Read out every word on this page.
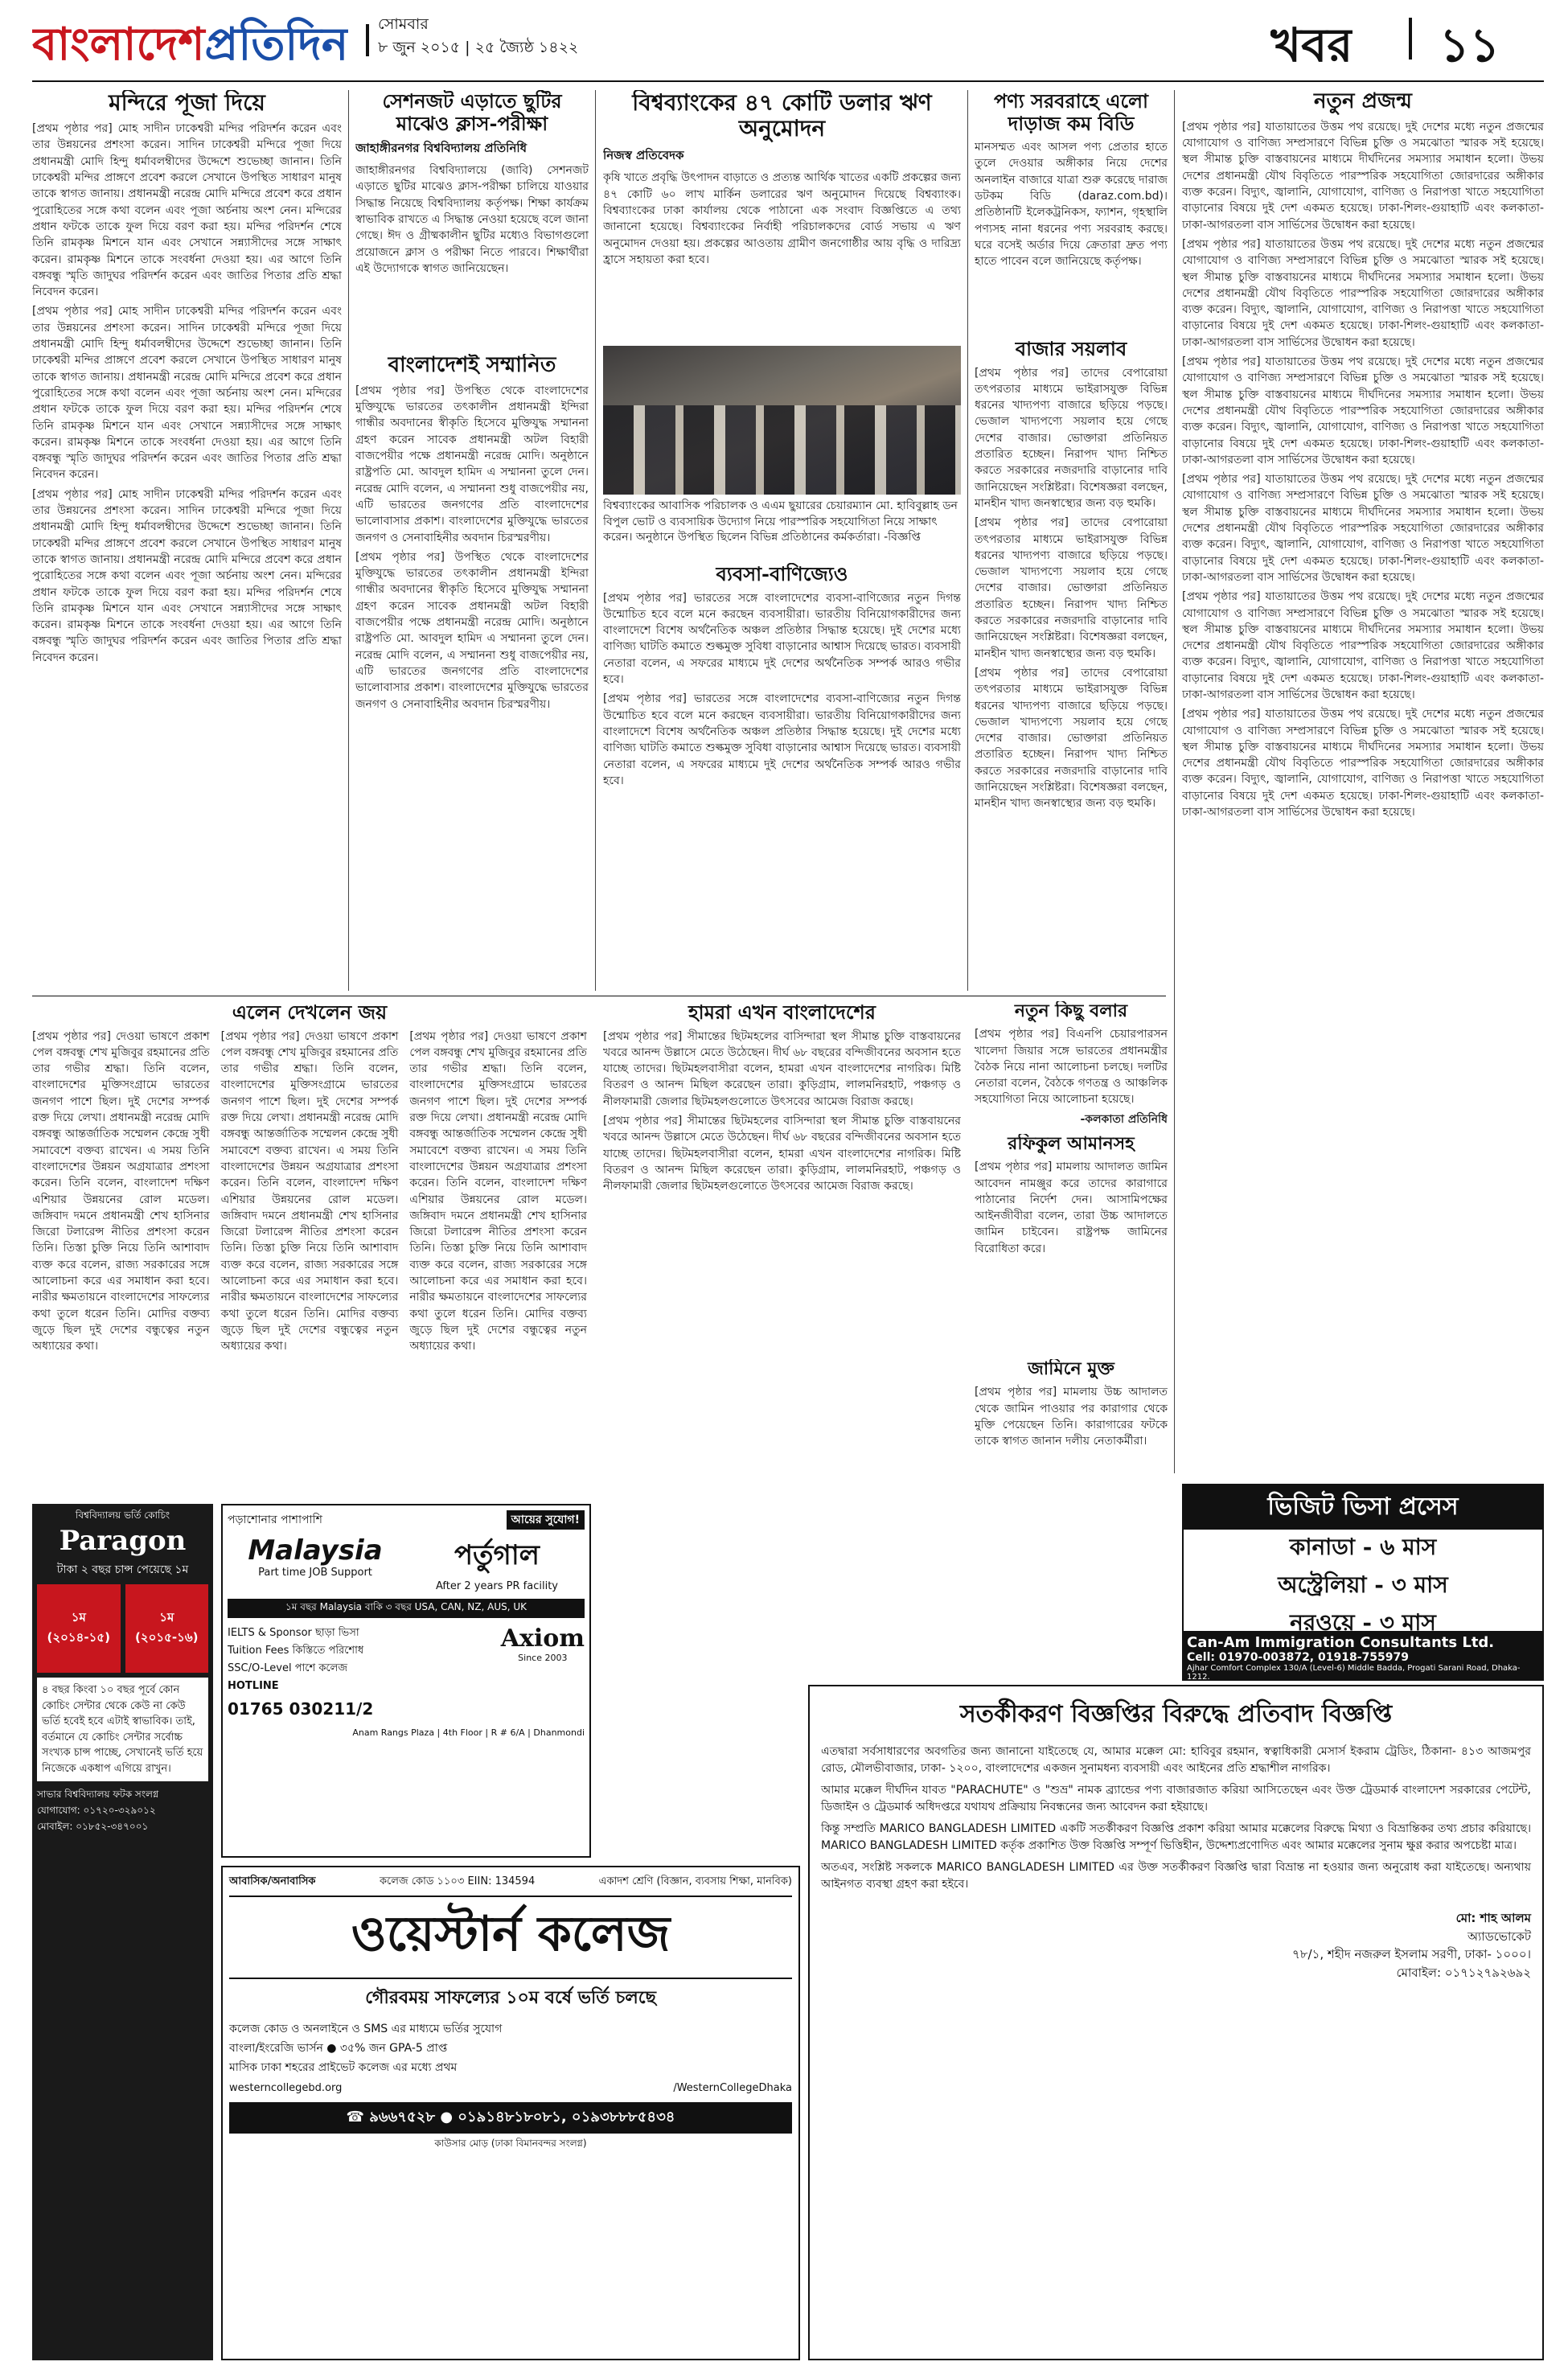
বাংলাদেশপ্রতিদিন সোমবার
৮ জুন ২০১৫ | ২৫ জ্যৈষ্ঠ ১৪২২	খবর ১১
মন্দিরে পূজা দিয়ে

[প্রথম পৃষ্ঠার পর] মোহ সাদীন ঢাকেশ্বরী মন্দির পরিদর্শন করেন এবং তার উন্নয়নের প্রশংসা করেন। সাদিন ঢাকেশ্বরী মন্দিরে পূজা দিয়ে প্রধানমন্ত্রী মোদি হিন্দু ধর্মাবলম্বীদের উদ্দেশে শুভেচ্ছা জানান। তিনি ঢাকেশ্বরী মন্দির প্রাঙ্গণে প্রবেশ করলে সেখানে উপস্থিত সাধারণ মানুষ তাকে স্বাগত জানায়। প্রধানমন্ত্রী নরেন্দ্র মোদি মন্দিরে প্রবেশ করে প্রধান পুরোহিতের সঙ্গে কথা বলেন এবং পূজা অর্চনায় অংশ নেন। মন্দিরের প্রধান ফটকে তাকে ফুল দিয়ে বরণ করা হয়। মন্দির পরিদর্শন শেষে তিনি রামকৃষ্ণ মিশনে যান এবং সেখানে সন্ন্যাসীদের সঙ্গে সাক্ষাৎ করেন। রামকৃষ্ণ মিশনে তাকে সংবর্ধনা দেওয়া হয়। এর আগে তিনি বঙ্গবন্ধু স্মৃতি জাদুঘর পরিদর্শন করেন এবং জাতির পিতার প্রতি শ্রদ্ধা নিবেদন করেন।

[প্রথম পৃষ্ঠার পর] মোহ সাদীন ঢাকেশ্বরী মন্দির পরিদর্শন করেন এবং তার উন্নয়নের প্রশংসা করেন। সাদিন ঢাকেশ্বরী মন্দিরে পূজা দিয়ে প্রধানমন্ত্রী মোদি হিন্দু ধর্মাবলম্বীদের উদ্দেশে শুভেচ্ছা জানান। তিনি ঢাকেশ্বরী মন্দির প্রাঙ্গণে প্রবেশ করলে সেখানে উপস্থিত সাধারণ মানুষ তাকে স্বাগত জানায়। প্রধানমন্ত্রী নরেন্দ্র মোদি মন্দিরে প্রবেশ করে প্রধান পুরোহিতের সঙ্গে কথা বলেন এবং পূজা অর্চনায় অংশ নেন। মন্দিরের প্রধান ফটকে তাকে ফুল দিয়ে বরণ করা হয়। মন্দির পরিদর্শন শেষে তিনি রামকৃষ্ণ মিশনে যান এবং সেখানে সন্ন্যাসীদের সঙ্গে সাক্ষাৎ করেন। রামকৃষ্ণ মিশনে তাকে সংবর্ধনা দেওয়া হয়। এর আগে তিনি বঙ্গবন্ধু স্মৃতি জাদুঘর পরিদর্শন করেন এবং জাতির পিতার প্রতি শ্রদ্ধা নিবেদন করেন।

[প্রথম পৃষ্ঠার পর] মোহ সাদীন ঢাকেশ্বরী মন্দির পরিদর্শন করেন এবং তার উন্নয়নের প্রশংসা করেন। সাদিন ঢাকেশ্বরী মন্দিরে পূজা দিয়ে প্রধানমন্ত্রী মোদি হিন্দু ধর্মাবলম্বীদের উদ্দেশে শুভেচ্ছা জানান। তিনি ঢাকেশ্বরী মন্দির প্রাঙ্গণে প্রবেশ করলে সেখানে উপস্থিত সাধারণ মানুষ তাকে স্বাগত জানায়। প্রধানমন্ত্রী নরেন্দ্র মোদি মন্দিরে প্রবেশ করে প্রধান পুরোহিতের সঙ্গে কথা বলেন এবং পূজা অর্চনায় অংশ নেন। মন্দিরের প্রধান ফটকে তাকে ফুল দিয়ে বরণ করা হয়। মন্দির পরিদর্শন শেষে তিনি রামকৃষ্ণ মিশনে যান এবং সেখানে সন্ন্যাসীদের সঙ্গে সাক্ষাৎ করেন। রামকৃষ্ণ মিশনে তাকে সংবর্ধনা দেওয়া হয়। এর আগে তিনি বঙ্গবন্ধু স্মৃতি জাদুঘর পরিদর্শন করেন এবং জাতির পিতার প্রতি শ্রদ্ধা নিবেদন করেন।

সেশনজট এড়াতে ছুটির মাঝেও ক্লাস-পরীক্ষা
জাহাঙ্গীরনগর বিশ্ববিদ্যালয় প্রতিনিধি

জাহাঙ্গীরনগর বিশ্ববিদ্যালয়ে (জাবি) সেশনজট এড়াতে ছুটির মাঝেও ক্লাস-পরীক্ষা চালিয়ে যাওয়ার সিদ্ধান্ত নিয়েছে বিশ্ববিদ্যালয় কর্তৃপক্ষ। শিক্ষা কার্যক্রম স্বাভাবিক রাখতে এ সিদ্ধান্ত নেওয়া হয়েছে বলে জানা গেছে। ঈদ ও গ্রীষ্মকালীন ছুটির মধ্যেও বিভাগগুলো প্রয়োজনে ক্লাস ও পরীক্ষা নিতে পারবে। শিক্ষার্থীরা এই উদ্যোগকে স্বাগত জানিয়েছেন।

বাংলাদেশই সম্মানিত

[প্রথম পৃষ্ঠার পর] উপস্থিত থেকে বাংলাদেশের মুক্তিযুদ্ধে ভারতের তৎকালীন প্রধানমন্ত্রী ইন্দিরা গান্ধীর অবদানের স্বীকৃতি হিসেবে মুক্তিযুদ্ধ সম্মাননা গ্রহণ করেন সাবেক প্রধানমন্ত্রী অটল বিহারী বাজপেয়ীর পক্ষে প্রধানমন্ত্রী নরেন্দ্র মোদি। অনুষ্ঠানে রাষ্ট্রপতি মো. আবদুল হামিদ এ সম্মাননা তুলে দেন। নরেন্দ্র মোদি বলেন, এ সম্মাননা শুধু বাজপেয়ীর নয়, এটি ভারতের জনগণের প্রতি বাংলাদেশের ভালোবাসার প্রকাশ। বাংলাদেশের মুক্তিযুদ্ধে ভারতের জনগণ ও সেনাবাহিনীর অবদান চিরস্মরণীয়।

[প্রথম পৃষ্ঠার পর] উপস্থিত থেকে বাংলাদেশের মুক্তিযুদ্ধে ভারতের তৎকালীন প্রধানমন্ত্রী ইন্দিরা গান্ধীর অবদানের স্বীকৃতি হিসেবে মুক্তিযুদ্ধ সম্মাননা গ্রহণ করেন সাবেক প্রধানমন্ত্রী অটল বিহারী বাজপেয়ীর পক্ষে প্রধানমন্ত্রী নরেন্দ্র মোদি। অনুষ্ঠানে রাষ্ট্রপতি মো. আবদুল হামিদ এ সম্মাননা তুলে দেন। নরেন্দ্র মোদি বলেন, এ সম্মাননা শুধু বাজপেয়ীর নয়, এটি ভারতের জনগণের প্রতি বাংলাদেশের ভালোবাসার প্রকাশ। বাংলাদেশের মুক্তিযুদ্ধে ভারতের জনগণ ও সেনাবাহিনীর অবদান চিরস্মরণীয়।

বিশ্বব্যাংকের ৪৭ কোটি ডলার ঋণ অনুমোদন
নিজস্ব প্রতিবেদক

কৃষি খাতে প্রবৃদ্ধি উৎপাদন বাড়াতে ও প্রত্যন্ত আর্থিক খাতের একটি প্রকল্পের জন্য ৪৭ কোটি ৬০ লাখ মার্কিন ডলারের ঋণ অনুমোদন দিয়েছে বিশ্বব্যাংক। বিশ্বব্যাংকের ঢাকা কার্যালয় থেকে পাঠানো এক সংবাদ বিজ্ঞপ্তিতে এ তথ্য জানানো হয়েছে। বিশ্বব্যাংকের নির্বাহী পরিচালকদের বোর্ড সভায় এ ঋণ অনুমোদন দেওয়া হয়। প্রকল্পের আওতায় গ্রামীণ জনগোষ্ঠীর আয় বৃদ্ধি ও দারিদ্র্য হ্রাসে সহায়তা করা হবে।

বিশ্বব্যাংকের আবাসিক পরিচালক ও এএম ছুয়ারের চেয়ারম্যান মো. হাবিবুল্লাহ ডন বিপুল ভোট ও ব্যবসায়িক উদ্যোগ নিয়ে পারস্পরিক সহযোগিতা নিয়ে সাক্ষাৎ করেন। অনুষ্ঠানে উপস্থিত ছিলেন বিভিন্ন প্রতিষ্ঠানের কর্মকর্তারা। -বিজ্ঞপ্তি
ব্যবসা-বাণিজ্যেও

[প্রথম পৃষ্ঠার পর] ভারতের সঙ্গে বাংলাদেশের ব্যবসা-বাণিজ্যের নতুন দিগন্ত উন্মোচিত হবে বলে মনে করছেন ব্যবসায়ীরা। ভারতীয় বিনিয়োগকারীদের জন্য বাংলাদেশে বিশেষ অর্থনৈতিক অঞ্চল প্রতিষ্ঠার সিদ্ধান্ত হয়েছে। দুই দেশের মধ্যে বাণিজ্য ঘাটতি কমাতে শুল্কমুক্ত সুবিধা বাড়ানোর আশ্বাস দিয়েছে ভারত। ব্যবসায়ী নেতারা বলেন, এ সফরের মাধ্যমে দুই দেশের অর্থনৈতিক সম্পর্ক আরও গভীর হবে।

[প্রথম পৃষ্ঠার পর] ভারতের সঙ্গে বাংলাদেশের ব্যবসা-বাণিজ্যের নতুন দিগন্ত উন্মোচিত হবে বলে মনে করছেন ব্যবসায়ীরা। ভারতীয় বিনিয়োগকারীদের জন্য বাংলাদেশে বিশেষ অর্থনৈতিক অঞ্চল প্রতিষ্ঠার সিদ্ধান্ত হয়েছে। দুই দেশের মধ্যে বাণিজ্য ঘাটতি কমাতে শুল্কমুক্ত সুবিধা বাড়ানোর আশ্বাস দিয়েছে ভারত। ব্যবসায়ী নেতারা বলেন, এ সফরের মাধ্যমে দুই দেশের অর্থনৈতিক সম্পর্ক আরও গভীর হবে।

পণ্য সরবরাহে এলো দাড়াজ কম বিডি

মানসম্মত এবং আসল পণ্য প্রেতার হাতে তুলে দেওয়ার অঙ্গীকার নিয়ে দেশের অনলাইন বাজারে যাত্রা শুরু করেছে দারাজ ডটকম বিডি (daraz.com.bd)। প্রতিষ্ঠানটি ইলেকট্রনিকস, ফ্যাশন, গৃহস্থালি পণ্যসহ নানা ধরনের পণ্য সরবরাহ করছে। ঘরে বসেই অর্ডার দিয়ে ক্রেতারা দ্রুত পণ্য হাতে পাবেন বলে জানিয়েছে কর্তৃপক্ষ।

বাজার সয়লাব

[প্রথম পৃষ্ঠার পর] তাদের বেপারোয়া তৎপরতার মাধ্যমে ভাইরাসযুক্ত বিভিন্ন ধরনের খাদ্যপণ্য বাজারে ছড়িয়ে পড়ছে। ভেজাল খাদ্যপণ্যে সয়লাব হয়ে গেছে দেশের বাজার। ভোক্তারা প্রতিনিয়ত প্রতারিত হচ্ছেন। নিরাপদ খাদ্য নিশ্চিত করতে সরকারের নজরদারি বাড়ানোর দাবি জানিয়েছেন সংশ্লিষ্টরা। বিশেষজ্ঞরা বলছেন, মানহীন খাদ্য জনস্বাস্থ্যের জন্য বড় হুমকি।

[প্রথম পৃষ্ঠার পর] তাদের বেপারোয়া তৎপরতার মাধ্যমে ভাইরাসযুক্ত বিভিন্ন ধরনের খাদ্যপণ্য বাজারে ছড়িয়ে পড়ছে। ভেজাল খাদ্যপণ্যে সয়লাব হয়ে গেছে দেশের বাজার। ভোক্তারা প্রতিনিয়ত প্রতারিত হচ্ছেন। নিরাপদ খাদ্য নিশ্চিত করতে সরকারের নজরদারি বাড়ানোর দাবি জানিয়েছেন সংশ্লিষ্টরা। বিশেষজ্ঞরা বলছেন, মানহীন খাদ্য জনস্বাস্থ্যের জন্য বড় হুমকি।

[প্রথম পৃষ্ঠার পর] তাদের বেপারোয়া তৎপরতার মাধ্যমে ভাইরাসযুক্ত বিভিন্ন ধরনের খাদ্যপণ্য বাজারে ছড়িয়ে পড়ছে। ভেজাল খাদ্যপণ্যে সয়লাব হয়ে গেছে দেশের বাজার। ভোক্তারা প্রতিনিয়ত প্রতারিত হচ্ছেন। নিরাপদ খাদ্য নিশ্চিত করতে সরকারের নজরদারি বাড়ানোর দাবি জানিয়েছেন সংশ্লিষ্টরা। বিশেষজ্ঞরা বলছেন, মানহীন খাদ্য জনস্বাস্থ্যের জন্য বড় হুমকি।

নতুন প্রজন্ম

[প্রথম পৃষ্ঠার পর] যাতায়াতের উত্তম পথ রয়েছে। দুই দেশের মধ্যে নতুন প্রজন্মের যোগাযোগ ও বাণিজ্য সম্প্রসারণে বিভিন্ন চুক্তি ও সমঝোতা স্মারক সই হয়েছে। স্থল সীমান্ত চুক্তি বাস্তবায়নের মাধ্যমে দীর্ঘদিনের সমস্যার সমাধান হলো। উভয় দেশের প্রধানমন্ত্রী যৌথ বিবৃতিতে পারস্পরিক সহযোগিতা জোরদারের অঙ্গীকার ব্যক্ত করেন। বিদ্যুৎ, জ্বালানি, যোগাযোগ, বাণিজ্য ও নিরাপত্তা খাতে সহযোগিতা বাড়ানোর বিষয়ে দুই দেশ একমত হয়েছে। ঢাকা-শিলং-গুয়াহাটি এবং কলকাতা-ঢাকা-আগরতলা বাস সার্ভিসের উদ্বোধন করা হয়েছে।

[প্রথম পৃষ্ঠার পর] যাতায়াতের উত্তম পথ রয়েছে। দুই দেশের মধ্যে নতুন প্রজন্মের যোগাযোগ ও বাণিজ্য সম্প্রসারণে বিভিন্ন চুক্তি ও সমঝোতা স্মারক সই হয়েছে। স্থল সীমান্ত চুক্তি বাস্তবায়নের মাধ্যমে দীর্ঘদিনের সমস্যার সমাধান হলো। উভয় দেশের প্রধানমন্ত্রী যৌথ বিবৃতিতে পারস্পরিক সহযোগিতা জোরদারের অঙ্গীকার ব্যক্ত করেন। বিদ্যুৎ, জ্বালানি, যোগাযোগ, বাণিজ্য ও নিরাপত্তা খাতে সহযোগিতা বাড়ানোর বিষয়ে দুই দেশ একমত হয়েছে। ঢাকা-শিলং-গুয়াহাটি এবং কলকাতা-ঢাকা-আগরতলা বাস সার্ভিসের উদ্বোধন করা হয়েছে।

[প্রথম পৃষ্ঠার পর] যাতায়াতের উত্তম পথ রয়েছে। দুই দেশের মধ্যে নতুন প্রজন্মের যোগাযোগ ও বাণিজ্য সম্প্রসারণে বিভিন্ন চুক্তি ও সমঝোতা স্মারক সই হয়েছে। স্থল সীমান্ত চুক্তি বাস্তবায়নের মাধ্যমে দীর্ঘদিনের সমস্যার সমাধান হলো। উভয় দেশের প্রধানমন্ত্রী যৌথ বিবৃতিতে পারস্পরিক সহযোগিতা জোরদারের অঙ্গীকার ব্যক্ত করেন। বিদ্যুৎ, জ্বালানি, যোগাযোগ, বাণিজ্য ও নিরাপত্তা খাতে সহযোগিতা বাড়ানোর বিষয়ে দুই দেশ একমত হয়েছে। ঢাকা-শিলং-গুয়াহাটি এবং কলকাতা-ঢাকা-আগরতলা বাস সার্ভিসের উদ্বোধন করা হয়েছে।

[প্রথম পৃষ্ঠার পর] যাতায়াতের উত্তম পথ রয়েছে। দুই দেশের মধ্যে নতুন প্রজন্মের যোগাযোগ ও বাণিজ্য সম্প্রসারণে বিভিন্ন চুক্তি ও সমঝোতা স্মারক সই হয়েছে। স্থল সীমান্ত চুক্তি বাস্তবায়নের মাধ্যমে দীর্ঘদিনের সমস্যার সমাধান হলো। উভয় দেশের প্রধানমন্ত্রী যৌথ বিবৃতিতে পারস্পরিক সহযোগিতা জোরদারের অঙ্গীকার ব্যক্ত করেন। বিদ্যুৎ, জ্বালানি, যোগাযোগ, বাণিজ্য ও নিরাপত্তা খাতে সহযোগিতা বাড়ানোর বিষয়ে দুই দেশ একমত হয়েছে। ঢাকা-শিলং-গুয়াহাটি এবং কলকাতা-ঢাকা-আগরতলা বাস সার্ভিসের উদ্বোধন করা হয়েছে।

[প্রথম পৃষ্ঠার পর] যাতায়াতের উত্তম পথ রয়েছে। দুই দেশের মধ্যে নতুন প্রজন্মের যোগাযোগ ও বাণিজ্য সম্প্রসারণে বিভিন্ন চুক্তি ও সমঝোতা স্মারক সই হয়েছে। স্থল সীমান্ত চুক্তি বাস্তবায়নের মাধ্যমে দীর্ঘদিনের সমস্যার সমাধান হলো। উভয় দেশের প্রধানমন্ত্রী যৌথ বিবৃতিতে পারস্পরিক সহযোগিতা জোরদারের অঙ্গীকার ব্যক্ত করেন। বিদ্যুৎ, জ্বালানি, যোগাযোগ, বাণিজ্য ও নিরাপত্তা খাতে সহযোগিতা বাড়ানোর বিষয়ে দুই দেশ একমত হয়েছে। ঢাকা-শিলং-গুয়াহাটি এবং কলকাতা-ঢাকা-আগরতলা বাস সার্ভিসের উদ্বোধন করা হয়েছে।

[প্রথম পৃষ্ঠার পর] যাতায়াতের উত্তম পথ রয়েছে। দুই দেশের মধ্যে নতুন প্রজন্মের যোগাযোগ ও বাণিজ্য সম্প্রসারণে বিভিন্ন চুক্তি ও সমঝোতা স্মারক সই হয়েছে। স্থল সীমান্ত চুক্তি বাস্তবায়নের মাধ্যমে দীর্ঘদিনের সমস্যার সমাধান হলো। উভয় দেশের প্রধানমন্ত্রী যৌথ বিবৃতিতে পারস্পরিক সহযোগিতা জোরদারের অঙ্গীকার ব্যক্ত করেন। বিদ্যুৎ, জ্বালানি, যোগাযোগ, বাণিজ্য ও নিরাপত্তা খাতে সহযোগিতা বাড়ানোর বিষয়ে দুই দেশ একমত হয়েছে। ঢাকা-শিলং-গুয়াহাটি এবং কলকাতা-ঢাকা-আগরতলা বাস সার্ভিসের উদ্বোধন করা হয়েছে।

এলেন দেখলেন জয়

[প্রথম পৃষ্ঠার পর] দেওয়া ভাষণে প্রকাশ পেল বঙ্গবন্ধু শেখ মুজিবুর রহমানের প্রতি তার গভীর শ্রদ্ধা। তিনি বলেন, বাংলাদেশের মুক্তিসংগ্রামে ভারতের জনগণ পাশে ছিল। দুই দেশের সম্পর্ক রক্ত দিয়ে লেখা। প্রধানমন্ত্রী নরেন্দ্র মোদি বঙ্গবন্ধু আন্তর্জাতিক সম্মেলন কেন্দ্রে সুধী সমাবেশে বক্তব্য রাখেন। এ সময় তিনি বাংলাদেশের উন্নয়ন অগ্রযাত্রার প্রশংসা করেন। তিনি বলেন, বাংলাদেশ দক্ষিণ এশিয়ার উন্নয়নের রোল মডেল। জঙ্গিবাদ দমনে প্রধানমন্ত্রী শেখ হাসিনার জিরো টলারেন্স নীতির প্রশংসা করেন তিনি। তিস্তা চুক্তি নিয়ে তিনি আশাবাদ ব্যক্ত করে বলেন, রাজ্য সরকারের সঙ্গে আলোচনা করে এর সমাধান করা হবে। নারীর ক্ষমতায়নে বাংলাদেশের সাফল্যের কথা তুলে ধরেন তিনি। মোদির বক্তব্য জুড়ে ছিল দুই দেশের বন্ধুত্বের নতুন অধ্যায়ের কথা।

[প্রথম পৃষ্ঠার পর] দেওয়া ভাষণে প্রকাশ পেল বঙ্গবন্ধু শেখ মুজিবুর রহমানের প্রতি তার গভীর শ্রদ্ধা। তিনি বলেন, বাংলাদেশের মুক্তিসংগ্রামে ভারতের জনগণ পাশে ছিল। দুই দেশের সম্পর্ক রক্ত দিয়ে লেখা। প্রধানমন্ত্রী নরেন্দ্র মোদি বঙ্গবন্ধু আন্তর্জাতিক সম্মেলন কেন্দ্রে সুধী সমাবেশে বক্তব্য রাখেন। এ সময় তিনি বাংলাদেশের উন্নয়ন অগ্রযাত্রার প্রশংসা করেন। তিনি বলেন, বাংলাদেশ দক্ষিণ এশিয়ার উন্নয়নের রোল মডেল। জঙ্গিবাদ দমনে প্রধানমন্ত্রী শেখ হাসিনার জিরো টলারেন্স নীতির প্রশংসা করেন তিনি। তিস্তা চুক্তি নিয়ে তিনি আশাবাদ ব্যক্ত করে বলেন, রাজ্য সরকারের সঙ্গে আলোচনা করে এর সমাধান করা হবে। নারীর ক্ষমতায়নে বাংলাদেশের সাফল্যের কথা তুলে ধরেন তিনি। মোদির বক্তব্য জুড়ে ছিল দুই দেশের বন্ধুত্বের নতুন অধ্যায়ের কথা।

[প্রথম পৃষ্ঠার পর] দেওয়া ভাষণে প্রকাশ পেল বঙ্গবন্ধু শেখ মুজিবুর রহমানের প্রতি তার গভীর শ্রদ্ধা। তিনি বলেন, বাংলাদেশের মুক্তিসংগ্রামে ভারতের জনগণ পাশে ছিল। দুই দেশের সম্পর্ক রক্ত দিয়ে লেখা। প্রধানমন্ত্রী নরেন্দ্র মোদি বঙ্গবন্ধু আন্তর্জাতিক সম্মেলন কেন্দ্রে সুধী সমাবেশে বক্তব্য রাখেন। এ সময় তিনি বাংলাদেশের উন্নয়ন অগ্রযাত্রার প্রশংসা করেন। তিনি বলেন, বাংলাদেশ দক্ষিণ এশিয়ার উন্নয়নের রোল মডেল। জঙ্গিবাদ দমনে প্রধানমন্ত্রী শেখ হাসিনার জিরো টলারেন্স নীতির প্রশংসা করেন তিনি। তিস্তা চুক্তি নিয়ে তিনি আশাবাদ ব্যক্ত করে বলেন, রাজ্য সরকারের সঙ্গে আলোচনা করে এর সমাধান করা হবে। নারীর ক্ষমতায়নে বাংলাদেশের সাফল্যের কথা তুলে ধরেন তিনি। মোদির বক্তব্য জুড়ে ছিল দুই দেশের বন্ধুত্বের নতুন অধ্যায়ের কথা।

হামরা এখন বাংলাদেশের

[প্রথম পৃষ্ঠার পর] সীমান্তের ছিটমহলের বাসিন্দারা স্থল সীমান্ত চুক্তি বাস্তবায়নের খবরে আনন্দ উল্লাসে মেতে উঠেছেন। দীর্ঘ ৬৮ বছরের বন্দিজীবনের অবসান হতে যাচ্ছে তাদের। ছিটমহলবাসীরা বলেন, হামরা এখন বাংলাদেশের নাগরিক। মিষ্টি বিতরণ ও আনন্দ মিছিল করেছেন তারা। কুড়িগ্রাম, লালমনিরহাট, পঞ্চগড় ও নীলফামারী জেলার ছিটমহলগুলোতে উৎসবের আমেজ বিরাজ করছে।

[প্রথম পৃষ্ঠার পর] সীমান্তের ছিটমহলের বাসিন্দারা স্থল সীমান্ত চুক্তি বাস্তবায়নের খবরে আনন্দ উল্লাসে মেতে উঠেছেন। দীর্ঘ ৬৮ বছরের বন্দিজীবনের অবসান হতে যাচ্ছে তাদের। ছিটমহলবাসীরা বলেন, হামরা এখন বাংলাদেশের নাগরিক। মিষ্টি বিতরণ ও আনন্দ মিছিল করেছেন তারা। কুড়িগ্রাম, লালমনিরহাট, পঞ্চগড় ও নীলফামারী জেলার ছিটমহলগুলোতে উৎসবের আমেজ বিরাজ করছে।

নতুন কিছু বলার

[প্রথম পৃষ্ঠার পর] বিএনপি চেয়ারপারসন খালেদা জিয়ার সঙ্গে ভারতের প্রধানমন্ত্রীর বৈঠক নিয়ে নানা আলোচনা চলছে। দলটির নেতারা বলেন, বৈঠকে গণতন্ত্র ও আঞ্চলিক সহযোগিতা নিয়ে আলোচনা হয়েছে।

-কলকাতা প্রতিনিধি

রফিকুল আমানসহ

[প্রথম পৃষ্ঠার পর] মামলায় আদালত জামিন আবেদন নামঞ্জুর করে তাদের কারাগারে পাঠানোর নির্দেশ দেন। আসামিপক্ষের আইনজীবীরা বলেন, তারা উচ্চ আদালতে জামিন চাইবেন। রাষ্ট্রপক্ষ জামিনের বিরোধিতা করে।

জামিনে মুক্ত

[প্রথম পৃষ্ঠার পর] মামলায় উচ্চ আদালত থেকে জামিন পাওয়ার পর কারাগার থেকে মুক্তি পেয়েছেন তিনি। কারাগারের ফটকে তাকে স্বাগত জানান দলীয় নেতাকর্মীরা।

ভিজিট ভিসা প্রসেস
কানাডা - ৬ মাস
অস্ট্রেলিয়া - ৩ মাস
নরওয়ে - ৩ মাস
Can-Am Immigration Consultants Ltd.
Cell: 01970-003872, 01918-755979
Ajhar Comfort Complex 130/A (Level-6) Middle Badda, Progati Sarani Road, Dhaka-1212.
সতর্কীকরণ বিজ্ঞপ্তির বিরুদ্ধে প্রতিবাদ বিজ্ঞপ্তি

এতদ্বারা সর্বসাধারণের অবগতির জন্য জানানো যাইতেছে যে, আমার মক্কেল মো: হাবিবুর রহমান, স্বত্বাধিকারী মেসার্স ইকরাম ট্রেডিং, ঠিকানা- ৪১৩ আজমপুর রোড, মৌলভীবাজার, ঢাকা- ১২০০, বাংলাদেশের একজন সুনামধন্য ব্যবসায়ী এবং আইনের প্রতি শ্রদ্ধাশীল নাগরিক।

আমার মক্কেল দীর্ঘদিন যাবত "PARACHUTE" ও "শুভ্র" নামক ব্র্যান্ডের পণ্য বাজারজাত করিয়া আসিতেছেন এবং উক্ত ট্রেডমার্ক বাংলাদেশ সরকারের পেটেন্ট, ডিজাইন ও ট্রেডমার্ক অধিদপ্তরে যথাযথ প্রক্রিয়ায় নিবন্ধনের জন্য আবেদন করা হইয়াছে।

কিন্তু সম্প্রতি MARICO BANGLADESH LIMITED একটি সতর্কীকরণ বিজ্ঞপ্তি প্রকাশ করিয়া আমার মক্কেলের বিরুদ্ধে মিথ্যা ও বিভ্রান্তিকর তথ্য প্রচার করিয়াছে। MARICO BANGLADESH LIMITED কর্তৃক প্রকাশিত উক্ত বিজ্ঞপ্তি সম্পূর্ণ ভিত্তিহীন, উদ্দেশ্যপ্রণোদিত এবং আমার মক্কেলের সুনাম ক্ষুণ্ণ করার অপচেষ্টা মাত্র।

অতএব, সংশ্লিষ্ট সকলকে MARICO BANGLADESH LIMITED এর উক্ত সতর্কীকরণ বিজ্ঞপ্তি দ্বারা বিভ্রান্ত না হওয়ার জন্য অনুরোধ করা যাইতেছে। অন্যথায় আইনগত ব্যবস্থা গ্রহণ করা হইবে।

মো: শাহ আলম
অ্যাডভোকেট
৭৮/১, শহীদ নজরুল ইসলাম সরণী, ঢাকা- ১০০০।
মোবাইল: ০১৭১২৭৯২৬৯২
বিশ্ববিদ্যালয় ভর্তি কোচিং
Paragon
টাকা ২ বছর চান্স পেয়েছে ১ম
১ম (২০১৪-১৫)
১ম (২০১৫-১৬)
৪ বছর কিংবা ১০ বছর পূর্বে কোন কোচিং সেন্টার থেকে কেউ না কেউ ভর্তি হবেই হবে এটাই স্বাভাবিক। তাই, বর্তমানে যে কোচিং সেন্টার সর্বোচ্চ সংখ্যক চান্স পাচ্ছে, সেখানেই ভর্তি হয়ে নিজেকে একধাপ এগিয়ে রাখুন।
সাভার বিশ্ববিদ্যালয় ফটক সংলগ্ন
যোগাযোগ: ০১৭২০-৩২৯০১২
মোবাইল: ০১৮৫২-৩৪৭০০১
পড়াশোনার পাশাপাশি	আয়ের সুযোগ!
Malaysia
Part time JOB Support
পর্তুগাল
After 2 years PR facility
১ম বছর Malaysia বাকি ৩ বছর USA, CAN, NZ, AUS, UK
IELTS & Sponsor ছাড়া ভিসা
Tuition Fees কিস্তিতে পরিশোধ
SSC/O-Level পাশে কলেজ
HOTLINE
01765 030211/2
Axiom
Since 2003
Anam Rangs Plaza | 4th Floor | R # 6/A | Dhanmondi
আবাসিক/অনাবাসিক	কলেজ কোড ১১০৩ EIIN: 134594	একাদশ শ্রেণি (বিজ্ঞান, ব্যবসায় শিক্ষা, মানবিক)
ওয়েস্টার্ন কলেজ
গৌরবময় সাফল্যের ১০ম বর্ষে ভর্তি চলছে
কলেজ কোড ও অনলাইনে ও SMS এর মাধ্যমে ভর্তির সুযোগ
বাংলা/ইংরেজি ভার্সন ● ৩৫% জন GPA-5 প্রাপ্ত
মাসিক ঢাকা শহরের প্রাইভেট কলেজ এর মধ্যে প্রথম
westerncollegebd.org	/WesternCollegeDhaka
☎ ৯৬৬৭৫২৮ ● ০১৯১৪৮১৮০৮১, ০১৯৩৮৮৮৫৪৩৪
কাউসার মোড় (ঢাকা বিমানবন্দর সংলগ্ন)
